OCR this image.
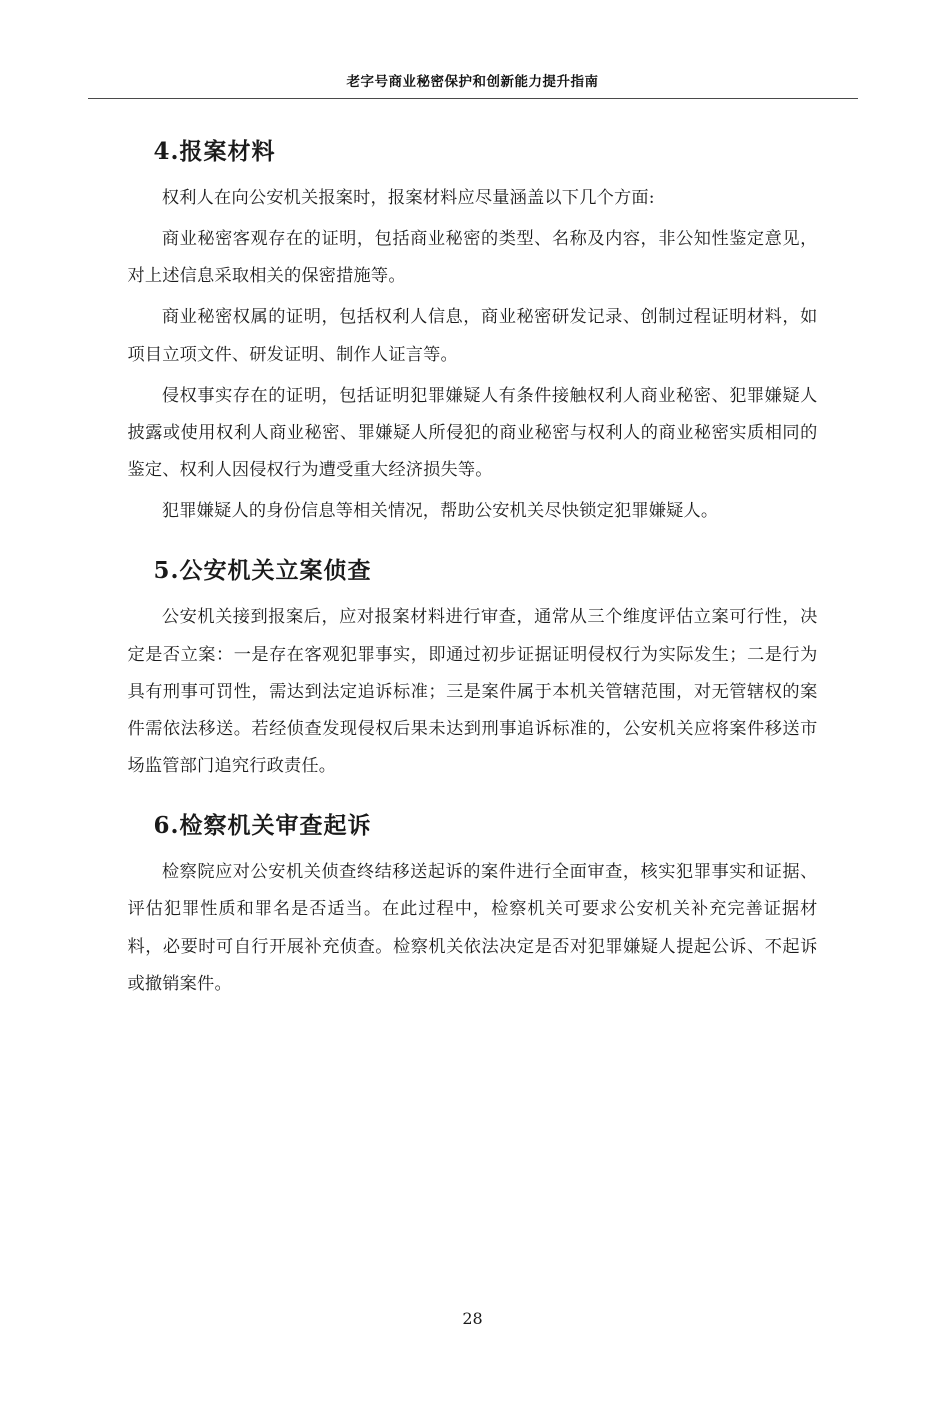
老字号商业秘密保护和创新能力提升指南
4.报案材料

权利人在向公安机关报案时，报案材料应尽量涵盖以下几个方面:

商业秘密客观存在的证明，包括商业秘密的类型、名称及内容，非公知性鉴定意见，对上述信息采取相关的保密措施等。

商业秘密权属的证明，包括权利人信息，商业秘密研发记录、创制过程证明材料，如项目立项文件、研发证明、制作人证言等。

侵权事实存在的证明，包括证明犯罪嫌疑人有条件接触权利人商业秘密、犯罪嫌疑人披露或使用权利人商业秘密、罪嫌疑人所侵犯的商业秘密与权利人的商业秘密实质相同的鉴定、权利人因侵权行为遭受重大经济损失等。

犯罪嫌疑人的身份信息等相关情况，帮助公安机关尽快锁定犯罪嫌疑人。

5.公安机关立案侦查

公安机关接到报案后，应对报案材料进行审查，通常从三个维度评估立案可行性，决定是否立案：一是存在客观犯罪事实，即通过初步证据证明侵权行为实际发生；二是行为具有刑事可罚性，需达到法定追诉标准；三是案件属于本机关管辖范围，对无管辖权的案件需依法移送。若经侦查发现侵权后果未达到刑事追诉标准的，公安机关应将案件移送市场监管部门追究行政责任。

6.检察机关审查起诉

检察院应对公安机关侦查终结移送起诉的案件进行全面审查，核实犯罪事实和证据、评估犯罪性质和罪名是否适当。在此过程中，检察机关可要求公安机关补充完善证据材料，必要时可自行开展补充侦查。检察机关依法决定是否对犯罪嫌疑人提起公诉、不起诉或撤销案件。

28
